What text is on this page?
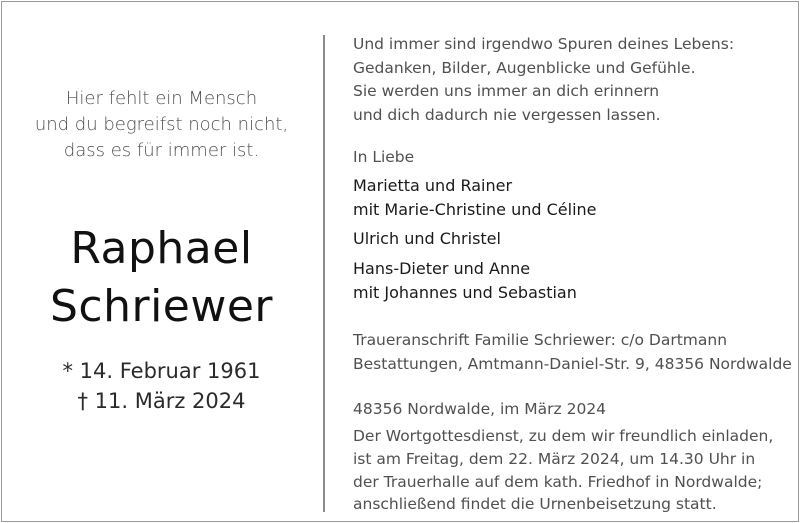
Hier fehlt ein Mensch
und du begreifst noch nicht,
dass es für immer ist.
Raphael
Schriewer
* 14. Februar 1961
† 11. März 2024
Und immer sind irgendwo Spuren deines Lebens:
Gedanken, Bilder, Augenblicke und Gefühle.
Sie werden uns immer an dich erinnern
und dich dadurch nie vergessen lassen.
In Liebe
Marietta und Rainer
mit Marie-Christine und Céline
Ulrich und Christel
Hans-Dieter und Anne
mit Johannes und Sebastian
Traueranschrift Familie Schriewer: c/o Dartmann
Bestattungen, Amtmann-Daniel-Str. 9, 48356 Nordwalde
48356 Nordwalde, im März 2024
Der Wortgottesdienst, zu dem wir freundlich einladen,
ist am Freitag, dem 22. März 2024, um 14.30 Uhr in
der Trauerhalle auf dem kath. Friedhof in Nordwalde;
anschließend findet die Urnenbeisetzung statt.
